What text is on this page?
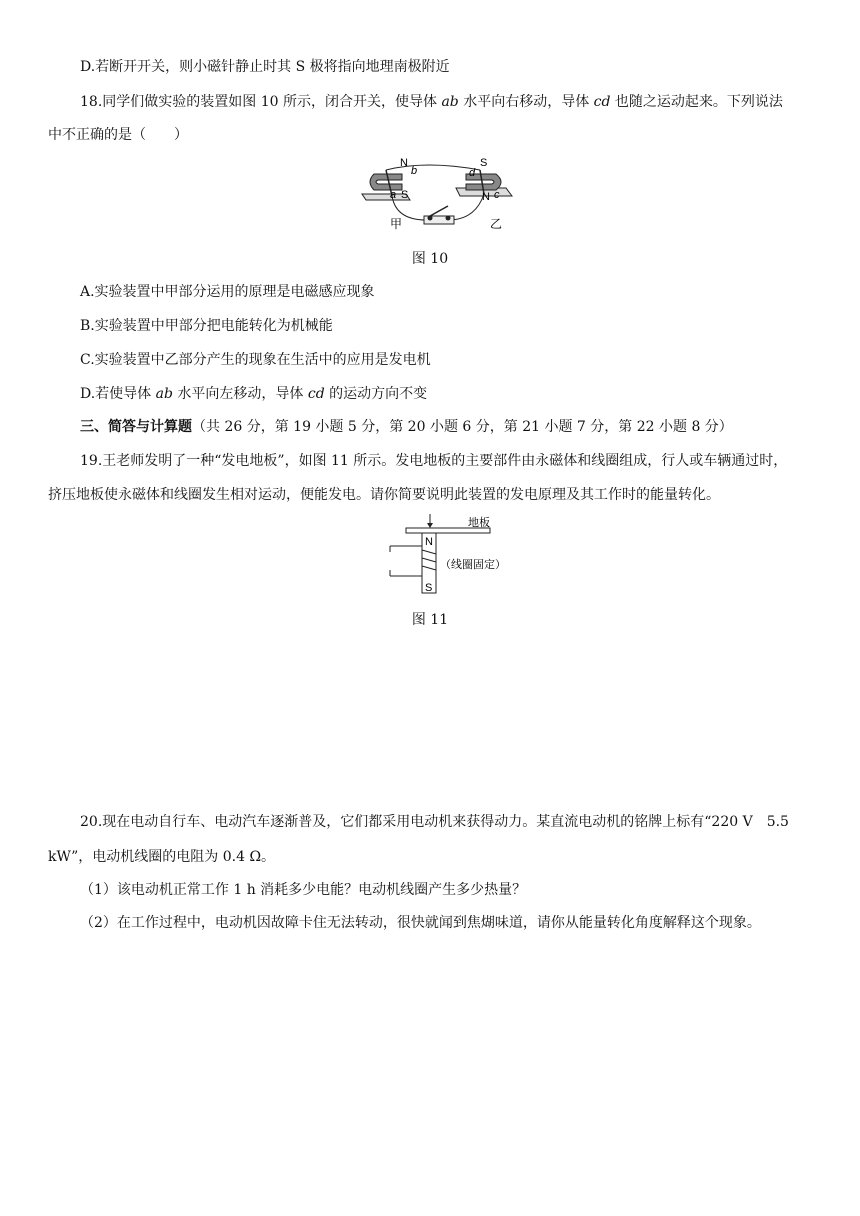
D.若断开开关，则小磁针静止时其 S 极将指向地理南极附近
18.同学们做实验的装置如图 10 所示，闭合开关，使导体 ab 水平向右移动，导体 cd 也随之运动起来。下列说法
中不正确的是（　　）
N
b
a S
S
d
N c
甲	乙
图 10
A.实验装置中甲部分运用的原理是电磁感应现象
B.实验装置中甲部分把电能转化为机械能
C.实验装置中乙部分产生的现象在生活中的应用是发电机
D.若使导体 ab 水平向左移动，导体 cd 的运动方向不变
三、简答与计算题（共 26 分，第 19 小题 5 分，第 20 小题 6 分，第 21 小题 7 分，第 22 小题 8 分）
19.王老师发明了一种“发电地板”，如图 11 所示。发电地板的主要部件由永磁体和线圈组成，行人或车辆通过时，
挤压地板使永磁体和线圈发生相对运动，便能发电。请你简要说明此装置的发电原理及其工作时的能量转化。
N
S
地板
（线圈固定）
图 11
20.现在电动自行车、电动汽车逐渐普及，它们都采用电动机来获得动力。某直流电动机的铭牌上标有“220 V　5.5
kW”，电动机线圈的电阻为 0.4 Ω。
（1）该电动机正常工作 1 h 消耗多少电能？电动机线圈产生多少热量？
（2）在工作过程中，电动机因故障卡住无法转动，很快就闻到焦煳味道，请你从能量转化角度解释这个现象。
